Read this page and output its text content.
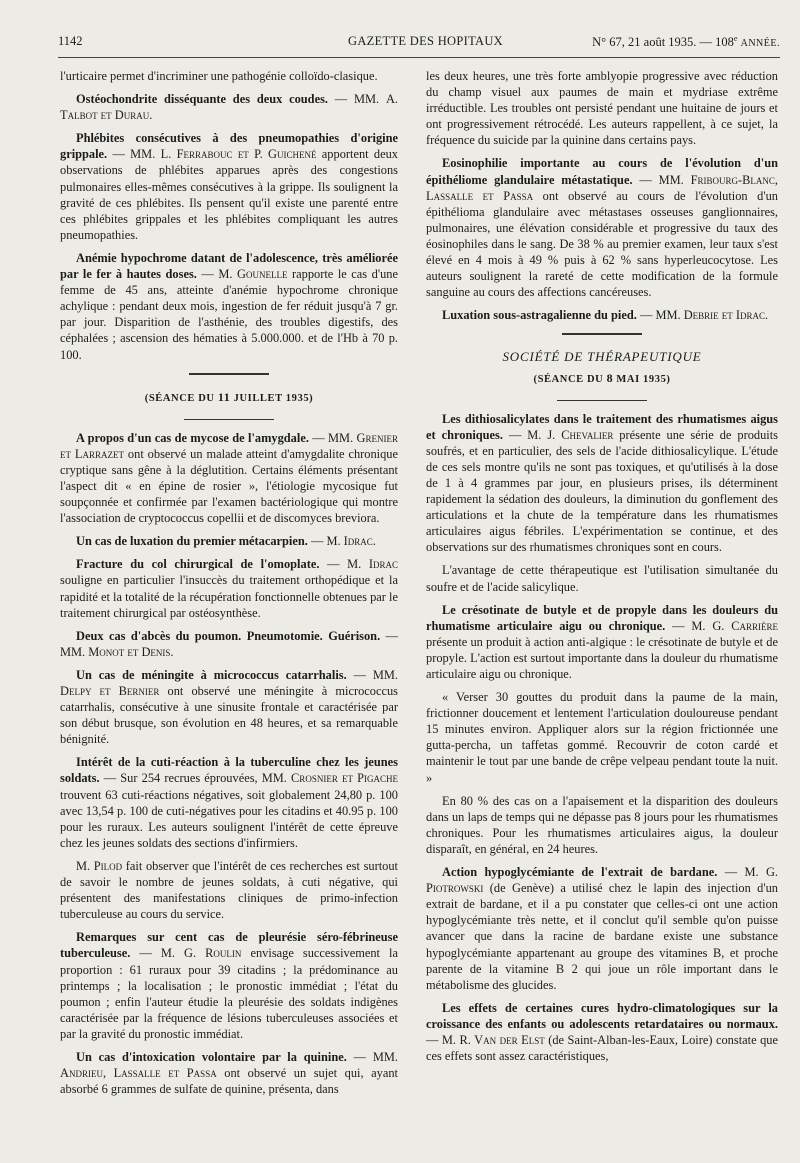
1142	GAZETTE DES HOPITAUX	N° 67, 21 août 1935. — 108e ANNÉE.

l'urticaire permet d'incriminer une pathogénie colloïdo-clasique.

Ostéochondrite disséquante des deux coudes. — MM. A. Talbot et Durau.

Phlébites consécutives à des pneumopathies d'origine grippale. — MM. L. Ferrabouc et P. Guichené apportent deux observations de phlébites apparues après des congestions pulmonaires elles-mêmes consécutives à la grippe. Ils soulignent la gravité de ces phlébites. Ils pensent qu'il existe une parenté entre ces phlébites grippales et les phlébites compliquant les autres pneumopathies.

Anémie hypochrome datant de l'adolescence, très améliorée par le fer à hautes doses. — M. Gounelle rapporte le cas d'une femme de 45 ans, atteinte d'anémie hypochrome chronique achylique : pendant deux mois, ingestion de fer réduit jusqu'à 7 gr. par jour. Disparition de l'asthénie, des troubles digestifs, des céphalées ; ascension des hématies à 5.000.000. et de l'Hb à 70 p. 100.

(SÉANCE DU 11 JUILLET 1935)

A propos d'un cas de mycose de l'amygdale. — MM. Grenier et Larrazet ont observé un malade atteint d'amygdalite chronique cryptique sans gêne à la déglutition. Certains éléments présentant l'aspect dit « en épine de rosier », l'étiologie mycosique fut soupçonnée et confirmée par l'examen bactériologique qui montre l'association de cryptococcus copellii et de discomyces breviora.

Un cas de luxation du premier métacarpien. — M. Idrac.

Fracture du col chirurgical de l'omoplate. — M. Idrac souligne en particulier l'insuccès du traitement orthopédique et la rapidité et la totalité de la récupération fonctionnelle obtenues par le traitement chirurgical par ostéosynthèse.

Deux cas d'abcès du poumon. Pneumotomie. Guérison. — MM. Monot et Denis.

Un cas de méningite à micrococcus catarrhalis. — MM. Delpy et Bernier ont observé une méningite à micrococcus catarrhalis, consécutive à une sinusite frontale et caractérisée par son début brusque, son évolution en 48 heures, et sa remarquable bénignité.

Intérêt de la cuti-réaction à la tuberculine chez les jeunes soldats. — Sur 254 recrues éprouvées, MM. Crosnier et Pigache trouvent 63 cuti-réactions négatives, soit globalement 24,80 p. 100 avec 13,54 p. 100 de cuti-négatives pour les citadins et 40.95 p. 100 pour les ruraux. Les auteurs soulignent l'intérêt de cette épreuve chez les jeunes soldats des sections d'infirmiers.

M. Pilod fait observer que l'intérêt de ces recherches est surtout de savoir le nombre de jeunes soldats, à cuti négative, qui présentent des manifestations cliniques de primo-infection tuberculeuse au cours du service.

Remarques sur cent cas de pleurésie séro-fébrineuse tuberculeuse. — M. G. Roulin envisage successivement la proportion : 61 ruraux pour 39 citadins ; la prédominance au printemps ; la localisation ; le pronostic immédiat ; l'état du poumon ; enfin l'auteur étudie la pleurésie des soldats indigènes caractérisée par la fréquence de lésions tuberculeuses associées et par la gravité du pronostic immédiat.

Un cas d'intoxication volontaire par la quinine. — MM. Andrieu, Lassalle et Passa ont observé un sujet qui, ayant absorbé 6 grammes de sulfate de quinine, présenta, dans

les deux heures, une très forte amblyopie progressive avec réduction du champ visuel aux paumes de main et mydriase extrême irréductible. Les troubles ont persisté pendant une huitaine de jours et ont progressivement rétrocédé. Les auteurs rappellent, à ce sujet, la fréquence du suicide par la quinine dans certains pays.

Eosinophilie importante au cours de l'évolution d'un épithéliome glandulaire métastatique. — MM. Fribourg-Blanc, Lassalle et Passa ont observé au cours de l'évolution d'un épithélioma glandulaire avec métastases osseuses ganglionnaires, pulmonaires, une élévation considérable et progressive du taux des éosinophiles dans le sang. De 38 % au premier examen, leur taux s'est élevé en 4 mois à 49 % puis à 62 % sans hyperleucocytose. Les auteurs soulignent la rareté de cette modification de la formule sanguine au cours des affections cancéreuses.

Luxation sous-astragalienne du pied. — MM. Debrie et Idrac.

SOCIÉTÉ DE THÉRAPEUTIQUE
(SÉANCE DU 8 MAI 1935)

Les dithiosalicylates dans le traitement des rhumatismes aigus et chroniques. — M. J. Chevalier présente une série de produits soufrés, et en particulier, des sels de l'acide dithiosalicylique. L'étude de ces sels montre qu'ils ne sont pas toxiques, et qu'utilisés à la dose de 1 à 4 grammes par jour, en plusieurs prises, ils déterminent rapidement la sédation des douleurs, la diminution du gonflement des articulations et la chute de la température dans les rhumatismes articulaires aigus fébriles. L'expérimentation se continue, et des observations sur des rhumatismes chroniques sont en cours.

L'avantage de cette thérapeutique est l'utilisation simultanée du soufre et de l'acide salicylique.

Le crésotinate de butyle et de propyle dans les douleurs du rhumatisme articulaire aigu ou chronique. — M. G. Carrière présente un produit à action anti-algique : le crésotinate de butyle et de propyle. L'action est surtout importante dans la douleur du rhumatisme articulaire aigu ou chronique.

« Verser 30 gouttes du produit dans la paume de la main, frictionner doucement et lentement l'articulation douloureuse pendant 15 minutes environ. Appliquer alors sur la région frictionnée une gutta-percha, un taffetas gommé. Recouvrir de coton cardé et maintenir le tout par une bande de crêpe velpeau pendant toute la nuit. »

En 80 % des cas on a l'apaisement et la disparition des douleurs dans un laps de temps qui ne dépasse pas 8 jours pour les rhumatismes chroniques. Pour les rhumatismes articulaires aigus, la douleur disparaît, en général, en 24 heures.

Action hypoglycémiante de l'extrait de bardane. — M. G. Piotrowski (de Genève) a utilisé chez le lapin des injection d'un extrait de bardane, et il a pu constater que celles-ci ont une action hypoglycémiante très nette, et il conclut qu'il semble qu'on puisse avancer que dans la racine de bardane existe une substance hypoglycémiante appartenant au groupe des vitamines B, et proche parente de la vitamine B 2 qui joue un rôle important dans le métabolisme des glucides.

Les effets de certaines cures hydro-climatologiques sur la croissance des enfants ou adolescents retardataires ou normaux. — M. R. Van der Elst (de Saint-Alban-les-Eaux, Loire) constate que ces effets sont assez caractéristiques,
